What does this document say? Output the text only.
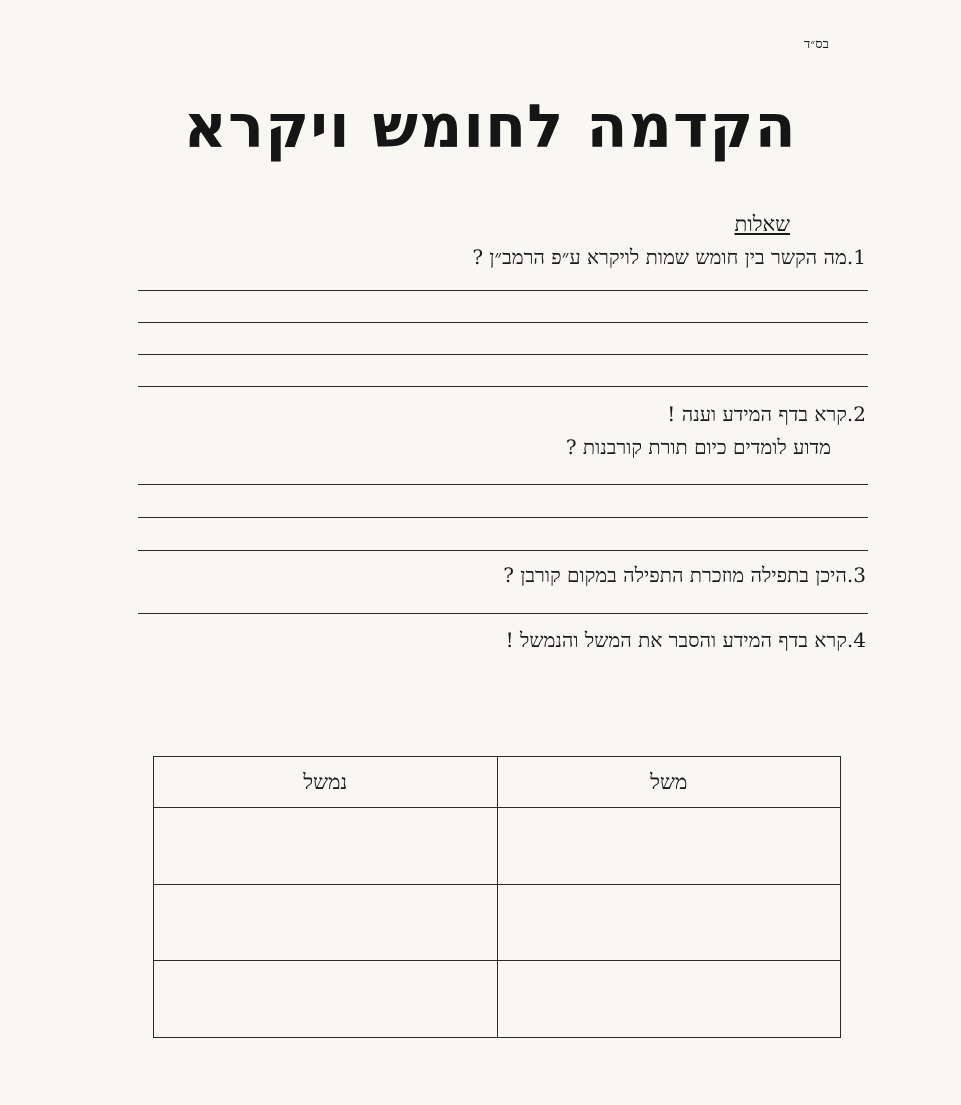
בס״ד
הקדמה לחומש ויקרא
שאלות
1.מה הקשר בין חומש שמות לויקרא ע״פ הרמב״ן ?
2.קרא בדף המידע וענה !
מדוע לומדים כיום תורת קורבנות ?
3.היכן בתפילה מוזכרת התפילה במקום קורבן ?
4.קרא בדף המידע והסבר את המשל והנמשל !
משל	נמשל
